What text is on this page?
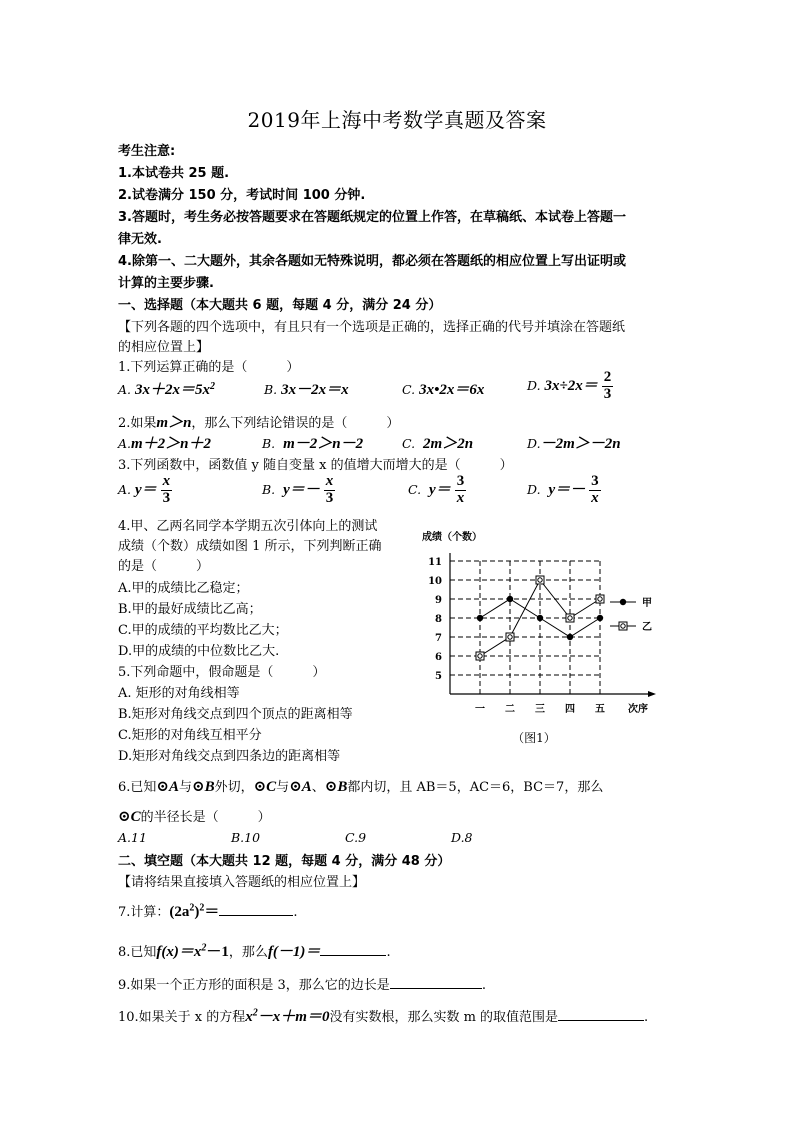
2019年上海中考数学真题及答案
考生注意:
1.本试卷共 25 题.
2.试卷满分 150 分，考试时间 100 分钟.
3.答题时，考生务必按答题要求在答题纸规定的位置上作答，在草稿纸、本试卷上答题一
律无效.
4.除第一、二大题外，其余各题如无特殊说明，都必须在答题纸的相应位置上写出证明或
计算的主要步骤.
一、选择题（本大题共 6 题，每题 4 分，满分 24 分）
【下列各题的四个选项中，有且只有一个选项是正确的，选择正确的代号并填涂在答题纸
的相应位置上】
1.下列运算正确的是（　　　）
A. $3x+2x=5x^2$	B. 3x－2x＝x	C. 3x•2x＝6x	D. $3x\div 2x= \frac{2}{3}$
2.如果m＞n，那么下列结论错误的是（　　　）
A.m＋2＞n＋2	B. m－2＞n－2	C. 2m＞2n	D.－2m＞－2n
3.下列函数中，函数值 y 随自变量 x 的值增大而增大的是（　　　）
A. $y= \frac{x}{3}$	B. $y=- \frac{x}{3}$	C. $y= \frac{3}{x}$	D. $y=- \frac{3}{x}$
4.甲、乙两名同学本学期五次引体向上的测试
成绩（个数）成绩如图 1 所示，下列判断正确
的是（　　　）
A.甲的成绩比乙稳定；
B.甲的最好成绩比乙高；
C.甲的成绩的平均数比乙大；
D.甲的成绩的中位数比乙大.
5.下列命题中，假命题是（　　　）
A. 矩形的对角线相等
B.矩形对角线交点到四个顶点的距离相等
C.矩形的对角线互相平分
D.矩形对角线交点到四条边的距离相等
成绩（个数）
5
6
7
8
9
10
11
一 二 三 四 五 次序
甲
乙
（图1）
6.已知⊙A与⊙B外切，⊙C与⊙A、⊙B都内切，且 AB＝5，AC＝6，BC＝7，那么
⊙C的半径长是（　　　）
A.11	B.10	C.9	D.8
二、填空题（本大题共 12 题，每题 4 分，满分 48 分）
【请将结果直接填入答题纸的相应位置上】
7.计算：$(2a^2)^2=$	.
8.已知$f(x)=x^2-1$，那么f(－1)＝	.
9.如果一个正方形的面积是 3，那么它的边长是	.
10.如果关于 x 的方程$x^2-x+m=0$没有实数根，那么实数 m 的取值范围是	.
